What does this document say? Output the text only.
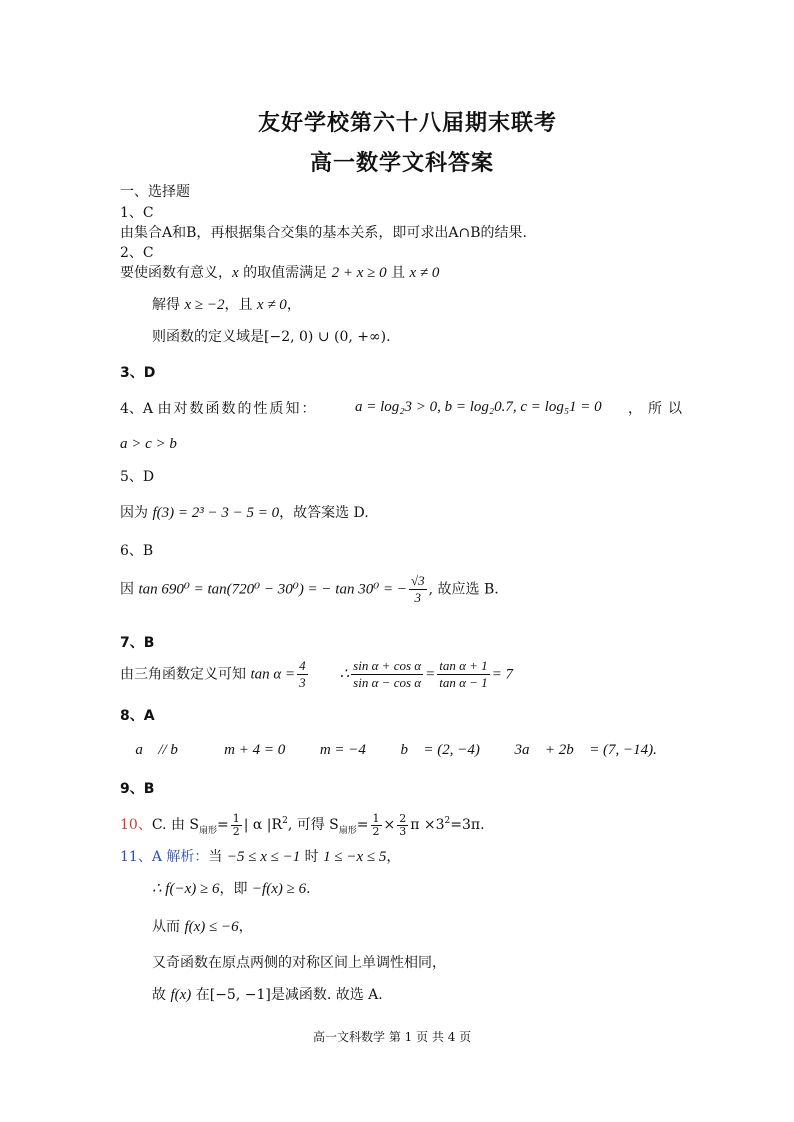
友好学校第六十八届期末联考
高一数学文科答案
一、选择题
1、C
由集合A和B，再根据集合交集的基本关系，即可求出A∩B的结果.
2、C
要使函数有意义，x 的取值需满足 2 + x ≥ 0 且 x ≠ 0
解得 x ≥ −2，且 x ≠ 0，
则函数的定义域是[−2, 0) ∪ (0, +∞).
3、D
4、A 由对数函数的性质知：	a = log₂3 > 0, b = log₂0.7, c = log₅1 = 0 ，所以
a > c > b
5、D
因为 f(3) = 2³ − 3 − 5 = 0，故答案选 D.
6、B
因 tan 690⁰ = tan(720⁰ − 30⁰) = − tan 30⁰ = − $\frac{√3}{3}$ , 故应选 B.
7、B
由三角函数定义可知 $\tan \alpha = \frac{4}{3}$ ∴ $\frac{\text{sin α + cos α}}{\text{sin α − cos α}} = \frac{\text{tan α + 1}}{\text{tan α − 1}} = 7$
8、A
∵ a⃗ // b⃗ ， ∴ m + 4 = 0 ， ∴ m = −4 ， ∴ b⃗ = (2, −4) ， ∴ 3a⃗ + 2b⃗ = (7, −14).
9、B
10、C. 由 $S_{扇形}= \frac{1}{2}$ | α $|R^2$, 可得 $S_{扇形}= \frac{1}{2} \times \frac{2}{3}$ $\pi \times 3^2=3\pi$.
11、A 解析：当 −5 ≤ x ≤ −1 时 1 ≤ −x ≤ 5，
∴ f(−x) ≥ 6，即 −f(x) ≥ 6.
从而 f(x) ≤ −6，
又奇函数在原点两侧的对称区间上单调性相同，
故 f(x) 在[−5, −1]是减函数. 故选 A.
高一文科数学 第 1 页 共 4 页
